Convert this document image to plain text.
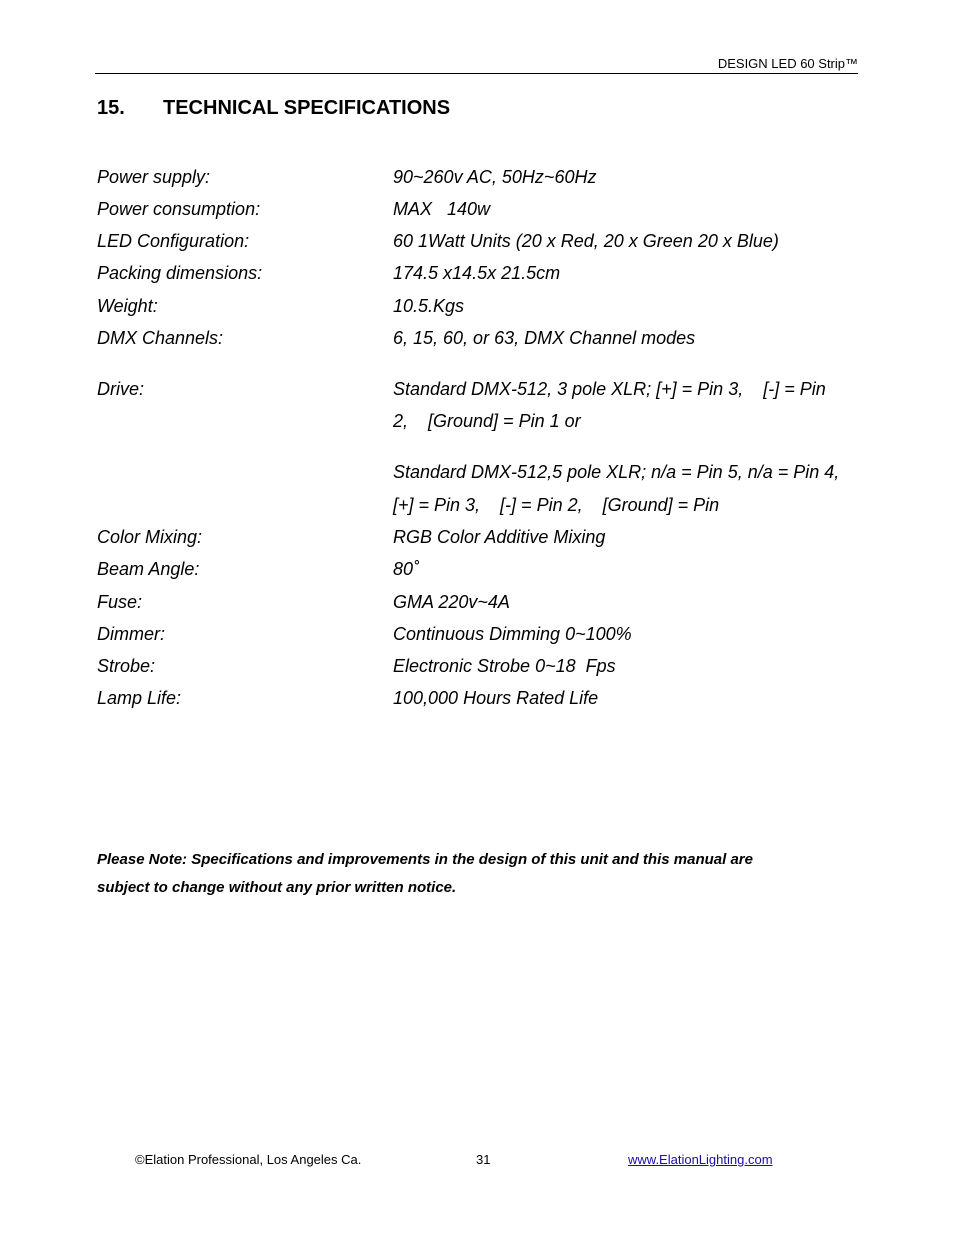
DESIGN LED 60 Strip™
15. TECHNICAL SPECIFICATIONS
Power supply:	90~260v AC, 50Hz~60Hz
Power consumption:	MAX   140w
LED Configuration:	60 1Watt Units (20 x Red, 20 x Green 20 x Blue)
Packing dimensions:	174.5 x14.5x 21.5cm
Weight:	10.5.Kgs
DMX Channels:	6, 15, 60, or 63, DMX Channel modes
Drive:	Standard DMX-512, 3 pole XLR; [+] = Pin 3,    [-] = Pin
2,    [Ground] = Pin 1 or
Standard DMX-512,5 pole XLR; n/a = Pin 5, n/a = Pin 4,
[+] = Pin 3,    [-] = Pin 2,    [Ground] = Pin
Color Mixing:	RGB Color Additive Mixing
Beam Angle:	80˚
Fuse:	GMA 220v~4A
Dimmer:	Continuous Dimming 0~100%
Strobe:	Electronic Strobe 0~18  Fps
Lamp Life:	100,000 Hours Rated Life
Please Note: Specifications and improvements in the design of this unit and this manual are
subject to change without any prior written notice.
©Elation Professional, Los Angeles Ca.	31	www.ElationLighting.com
